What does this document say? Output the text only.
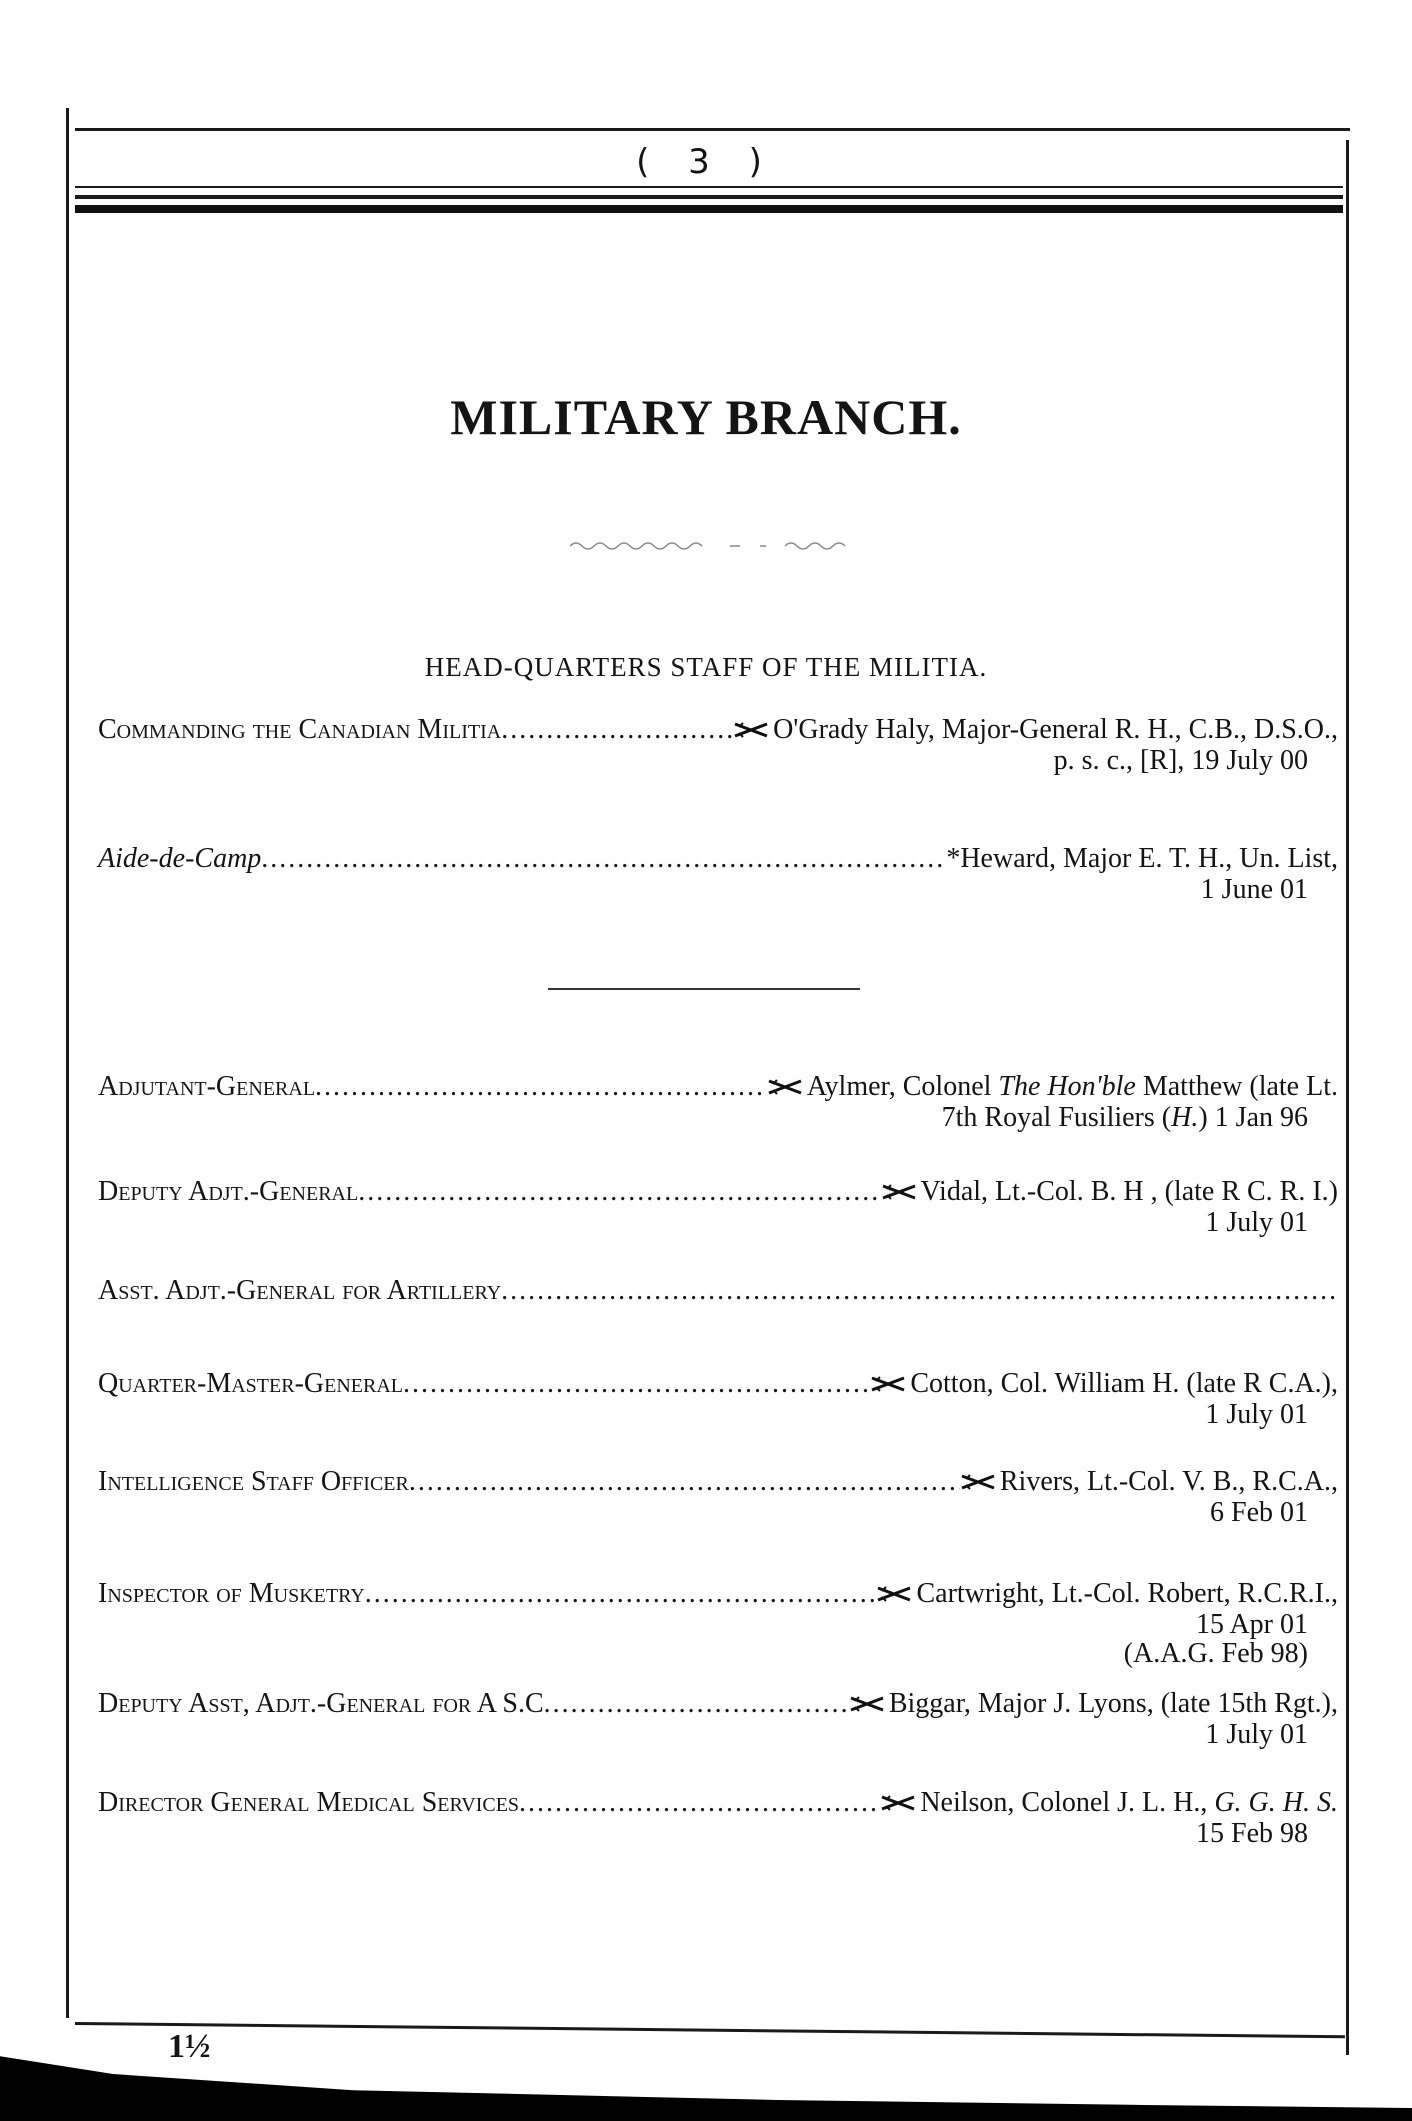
( 3 )
MILITARY BRANCH.
HEAD-QUARTERS STAFF OF THE MILITIA.
Commanding the Canadian Militia .....	O'Grady Haly, Major-General R. H., C.B., D.S.O.,
p. s. c., [R], 19 July 00
Aide-de-Camp .....	*Heward, Major E. T. H., Un. List,
1 June 01
Adjutant-General .....	Aylmer, Colonel The Hon'ble Matthew (late Lt.
7th Royal Fusiliers (H.) 1 Jan 96
Deputy Adjt.-General .....	Vidal, Lt.-Col. B. H , (late R C. R. I.)
1 July 01
Asst. Adjt.-General for Artillery
.....
Quarter-Master-General .....	Cotton, Col. William H. (late R C.A.),
1 July 01
Intelligence Staff Officer .....	Rivers, Lt.-Col. V. B., R.C.A.,
6 Feb 01
Inspector of Musketry .....	Cartwright, Lt.-Col. Robert, R.C.R.I.,
15 Apr 01
(A.A.G. Feb 98)
Deputy Asst, Adjt.-General for A S.C .....	Biggar, Major J. Lyons, (late 15th Rgt.),
1 July 01
Director General Medical Services .....	Neilson, Colonel J. L. H., G. G. H. S.
15 Feb 98
1½
